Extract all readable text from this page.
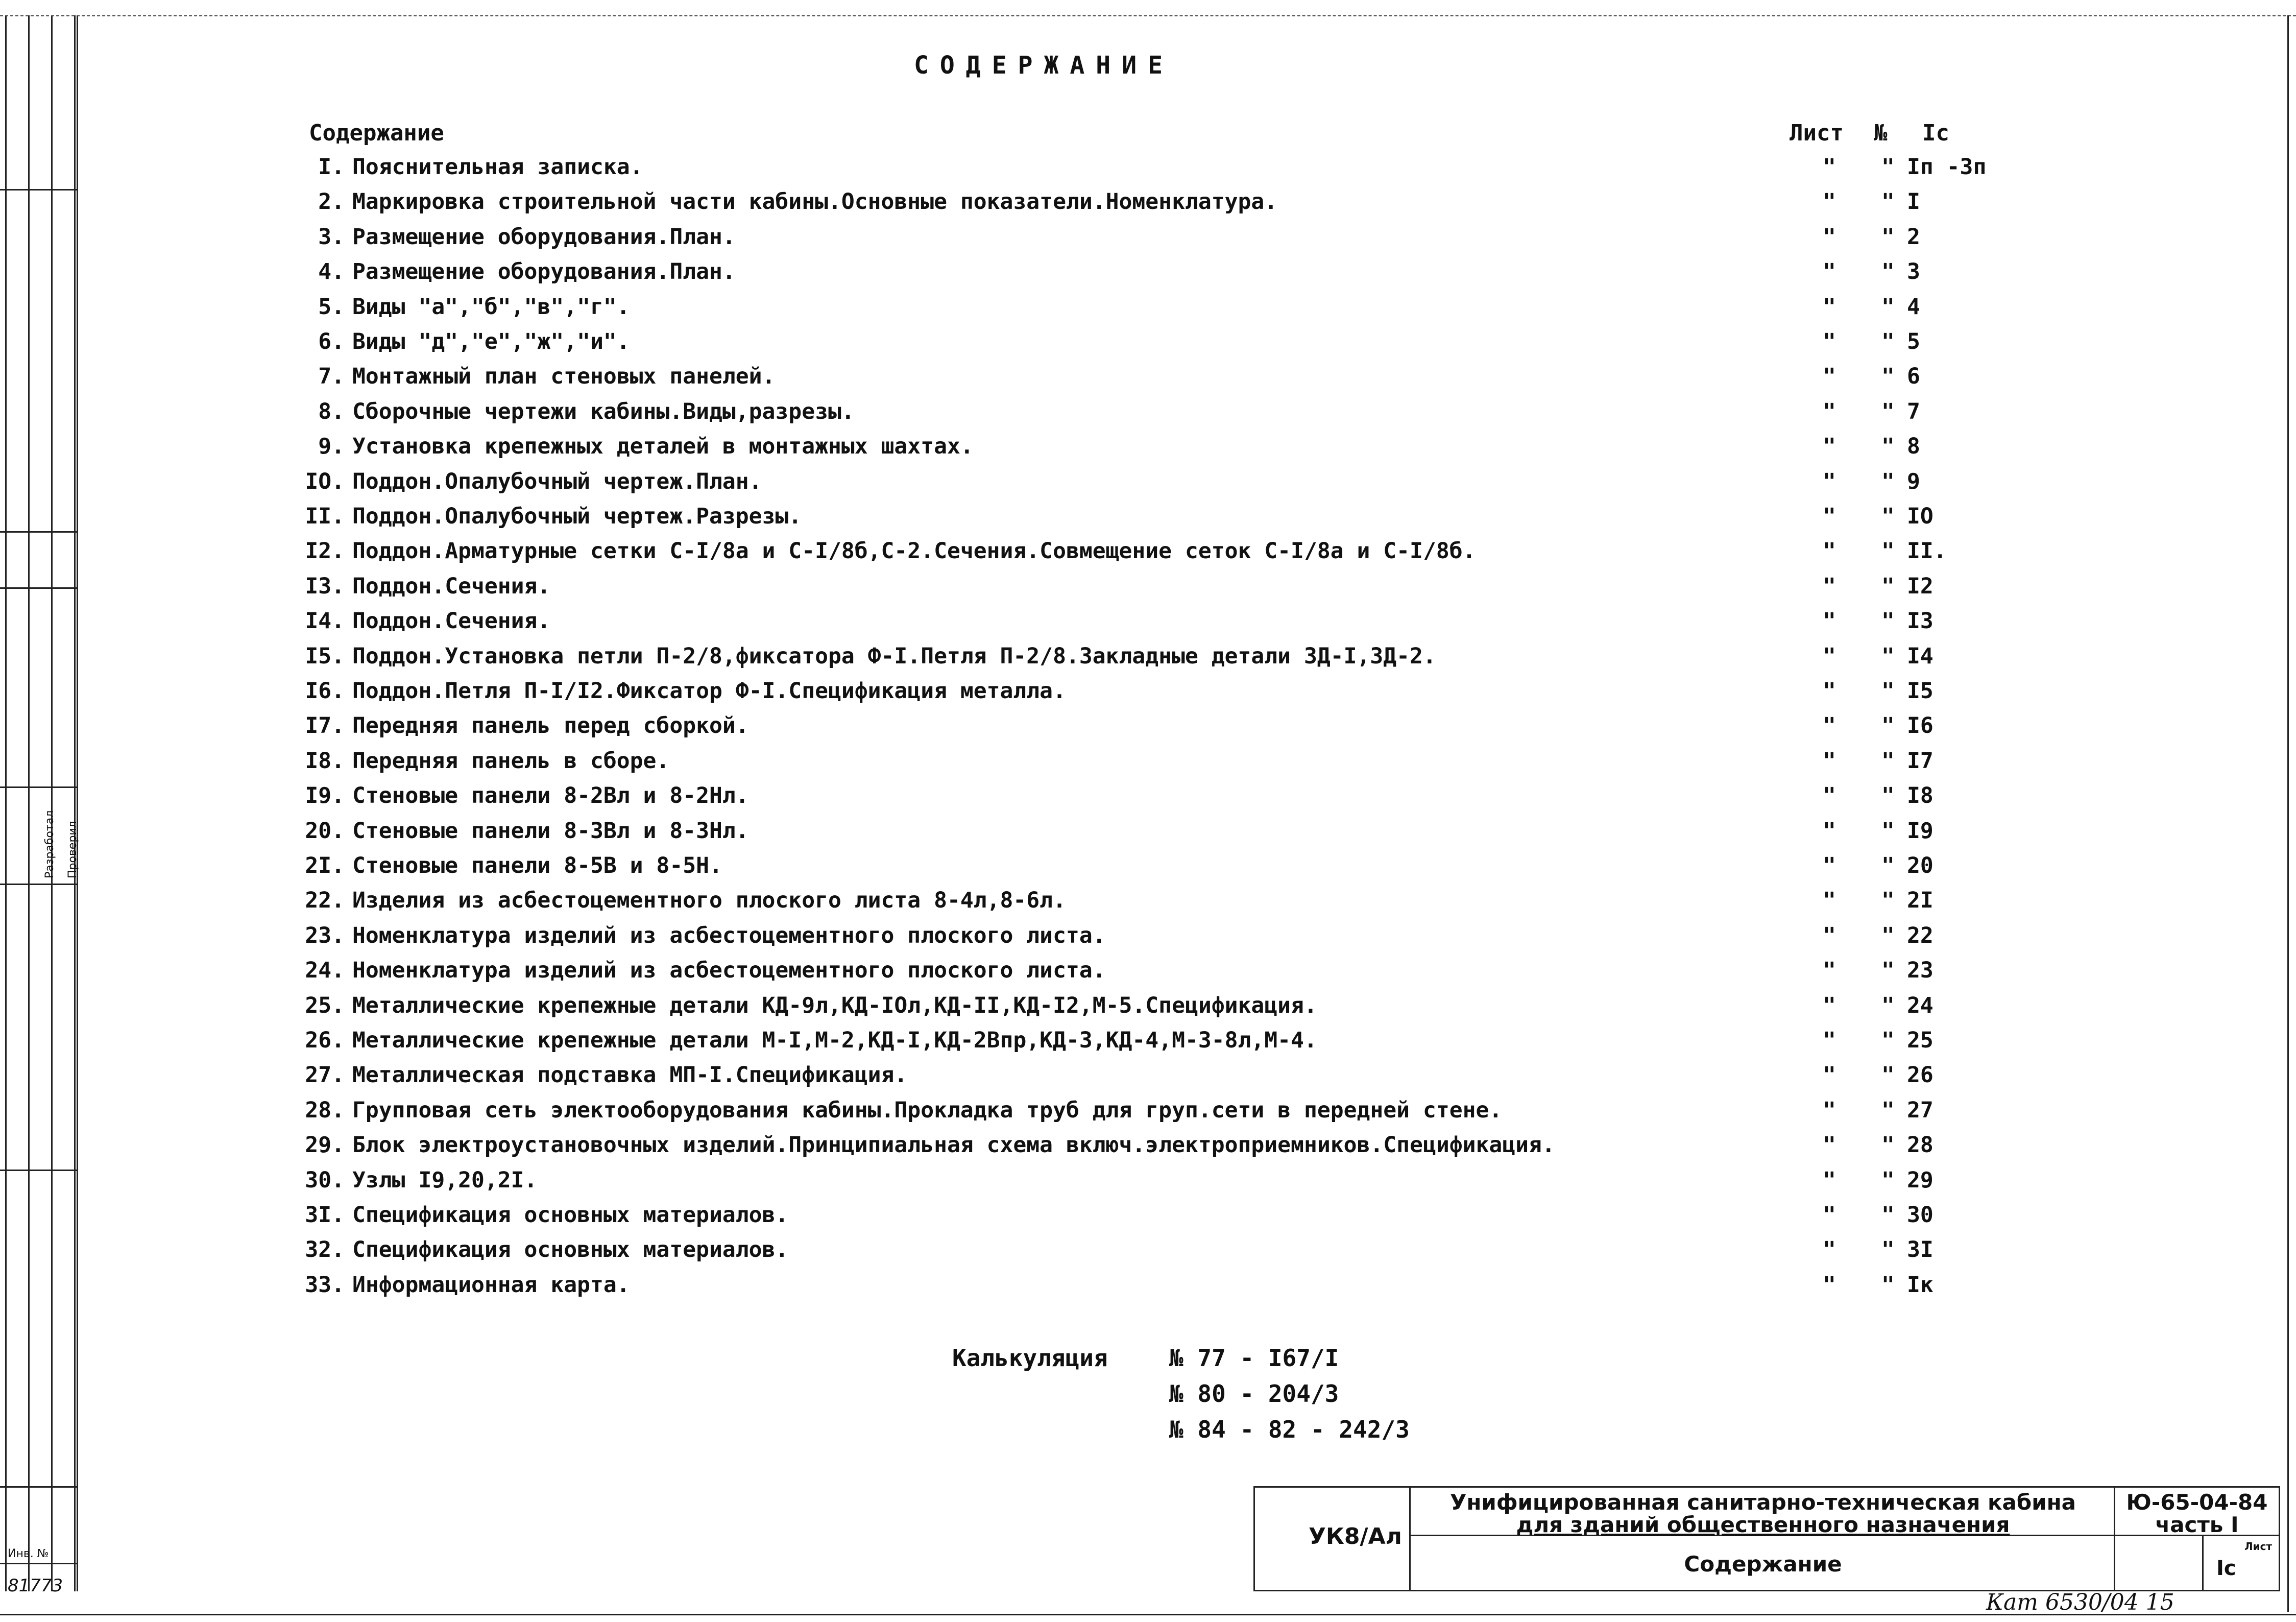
Разработал Проверил
Инв. №
81773
СОДЕРЖАНИЕ
Содержание	Лист № Iс
I. Пояснительная записка.	" " Iп -3п
2. Маркировка строительной части кабины.Основные показатели.Номенклатура.	" " I
3. Размещение оборудования.План.	" " 2
4. Размещение оборудования.План.	" " 3
5. Виды "а","б","в","г".	" " 4
6. Виды "д","е","ж","и".	" " 5
7. Монтажный план стеновых панелей.	" " 6
8. Сборочные чертежи кабины.Виды,разрезы.	" " 7
9. Установка крепежных деталей в монтажных шахтах.	" " 8
IO. Поддон.Опалубочный чертеж.План.	" " 9
II. Поддон.Опалубочный чертеж.Разрезы.	" " IO
I2. Поддон.Арматурные сетки С-I/8а и С-I/8б,С-2.Сечения.Совмещение сеток С-I/8а и С-I/8б.	" " II.
I3. Поддон.Сечения.	" " I2
I4. Поддон.Сечения.	" " I3
I5. Поддон.Установка петли П-2/8,фиксатора Ф-I.Петля П-2/8.Закладные детали ЗД-I,ЗД-2.	" " I4
I6. Поддон.Петля П-I/I2.Фиксатор Ф-I.Спецификация металла.	" " I5
I7. Передняя панель перед сборкой.	" " I6
I8. Передняя панель в сборе.	" " I7
I9. Стеновые панели 8-2Вл и 8-2Нл.	" " I8
20. Стеновые панели 8-3Вл и 8-3Нл.	" " I9
2I. Стеновые панели 8-5В и 8-5Н.	" " 20
22. Изделия из асбестоцементного плоского листа 8-4л,8-6л.	" " 2I
23. Номенклатура изделий из асбестоцементного плоского листа.	" " 22
24. Номенклатура изделий из асбестоцементного плоского листа.	" " 23
25. Металлические крепежные детали КД-9л,КД-IOл,КД-II,КД-I2,М-5.Спецификация.	" " 24
26. Металлические крепежные детали М-I,М-2,КД-I,КД-2Впр,КД-3,КД-4,М-3-8л,М-4.	" " 25
27. Металлическая подставка МП-I.Спецификация.	" " 26
28. Групповая сеть электооборудования кабины.Прокладка труб для груп.сети в передней стене.	" " 27
29. Блок электроустановочных изделий.Принципиальная схема включ.электроприемников.Спецификация.	" " 28
30. Узлы I9,20,2I.	" " 29
3I. Спецификация основных материалов.	" " 30
32. Спецификация основных материалов.	" " 3I
33. Информационная карта.	" " Iк
Калькуляция	№ 77 - I67/I
№ 80 - 204/3
№ 84 - 82 - 242/3
УК8/Ал
Унифицированная санитарно-техническая кабина
для зданий общественного назначения
Содержание
Ю-65-04-84
часть I
Лист
Iс
Кат 6530/04 15
